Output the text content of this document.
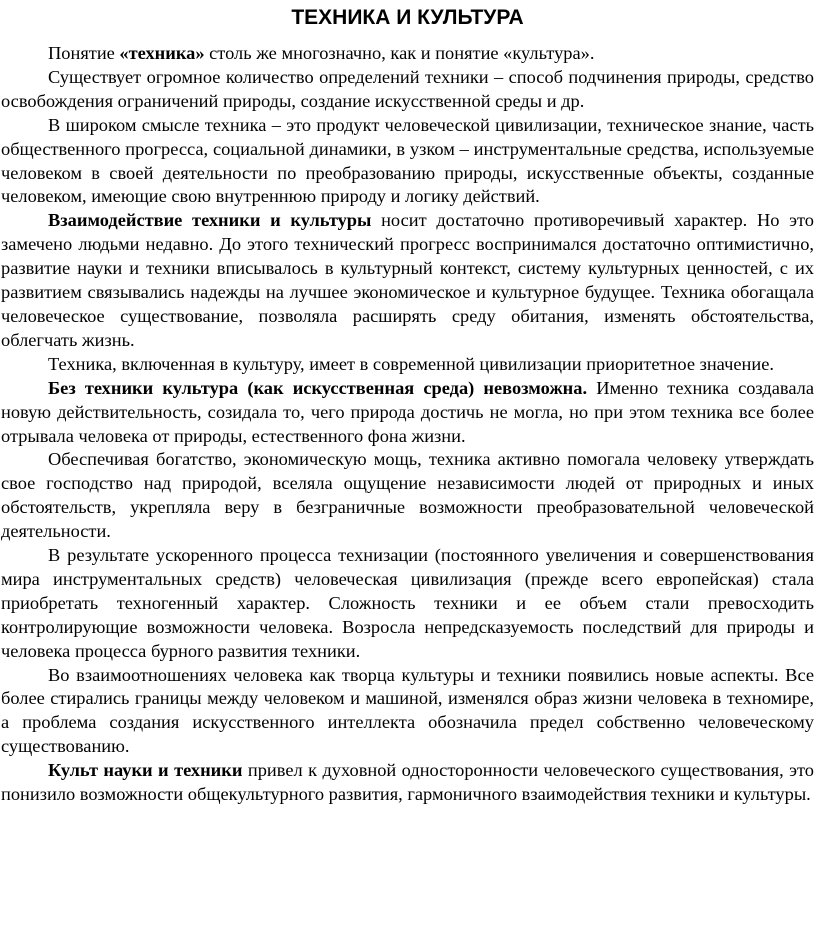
ТЕХНИКА И КУЛЬТУРА

Понятие «техника» столь же многозначно, как и понятие «культура».

Существует огромное количество определений техники – способ подчинения природы, средство освобождения ограничений природы, создание искусственной среды и др.

В широком смысле техника – это продукт человеческой цивилизации, техническое знание, часть общественного прогресса, социальной динамики, в узком – инструментальные средства, используемые человеком в своей деятельности по преобразованию природы, искусственные объекты, созданные человеком, имеющие свою внутреннюю природу и логику действий.

Взаимодействие техники и культуры носит достаточно противоречивый характер. Но это замечено людьми недавно. До этого технический прогресс воспринимался достаточно оптимистично, развитие науки и техники вписывалось в культурный контекст, систему культурных ценностей, с их развитием связывались надежды на лучшее экономическое и культурное будущее. Техника обогащала человеческое существование, позволяла расширять среду обитания, изменять обстоятельства, облегчать жизнь.

Техника, включенная в культуру, имеет в современной цивилизации приоритетное значение.

Без техники культура (как искусственная среда) невозможна. Именно техника создавала новую действительность, созидала то, чего природа достичь не могла, но при этом техника все более отрывала человека от природы, естественного фона жизни.

Обеспечивая богатство, экономическую мощь, техника активно помогала человеку утверждать свое господство над природой, вселяла ощущение независимости людей от природных и иных обстоятельств, укрепляла веру в безграничные возможности преобразовательной человеческой деятельности.

В результате ускоренного процесса технизации (постоянного увеличения и совершенствования мира инструментальных средств) человеческая цивилизация (прежде всего европейская) стала приобретать техногенный характер. Сложность техники и ее объем стали превосходить контролирующие возможности человека. Возросла непредсказуемость последствий для природы и человека процесса бурного развития техники.

Во взаимоотношениях человека как творца культуры и техники появились новые аспекты. Все более стирались границы между человеком и машиной, изменялся образ жизни человека в техномире, а проблема создания искусственного интеллекта обозначила предел собственно человеческому существованию.

Культ науки и техники привел к духовной односторонности человеческого существования, это понизило возможности общекультурного развития, гармоничного взаимодействия техники и культуры.
